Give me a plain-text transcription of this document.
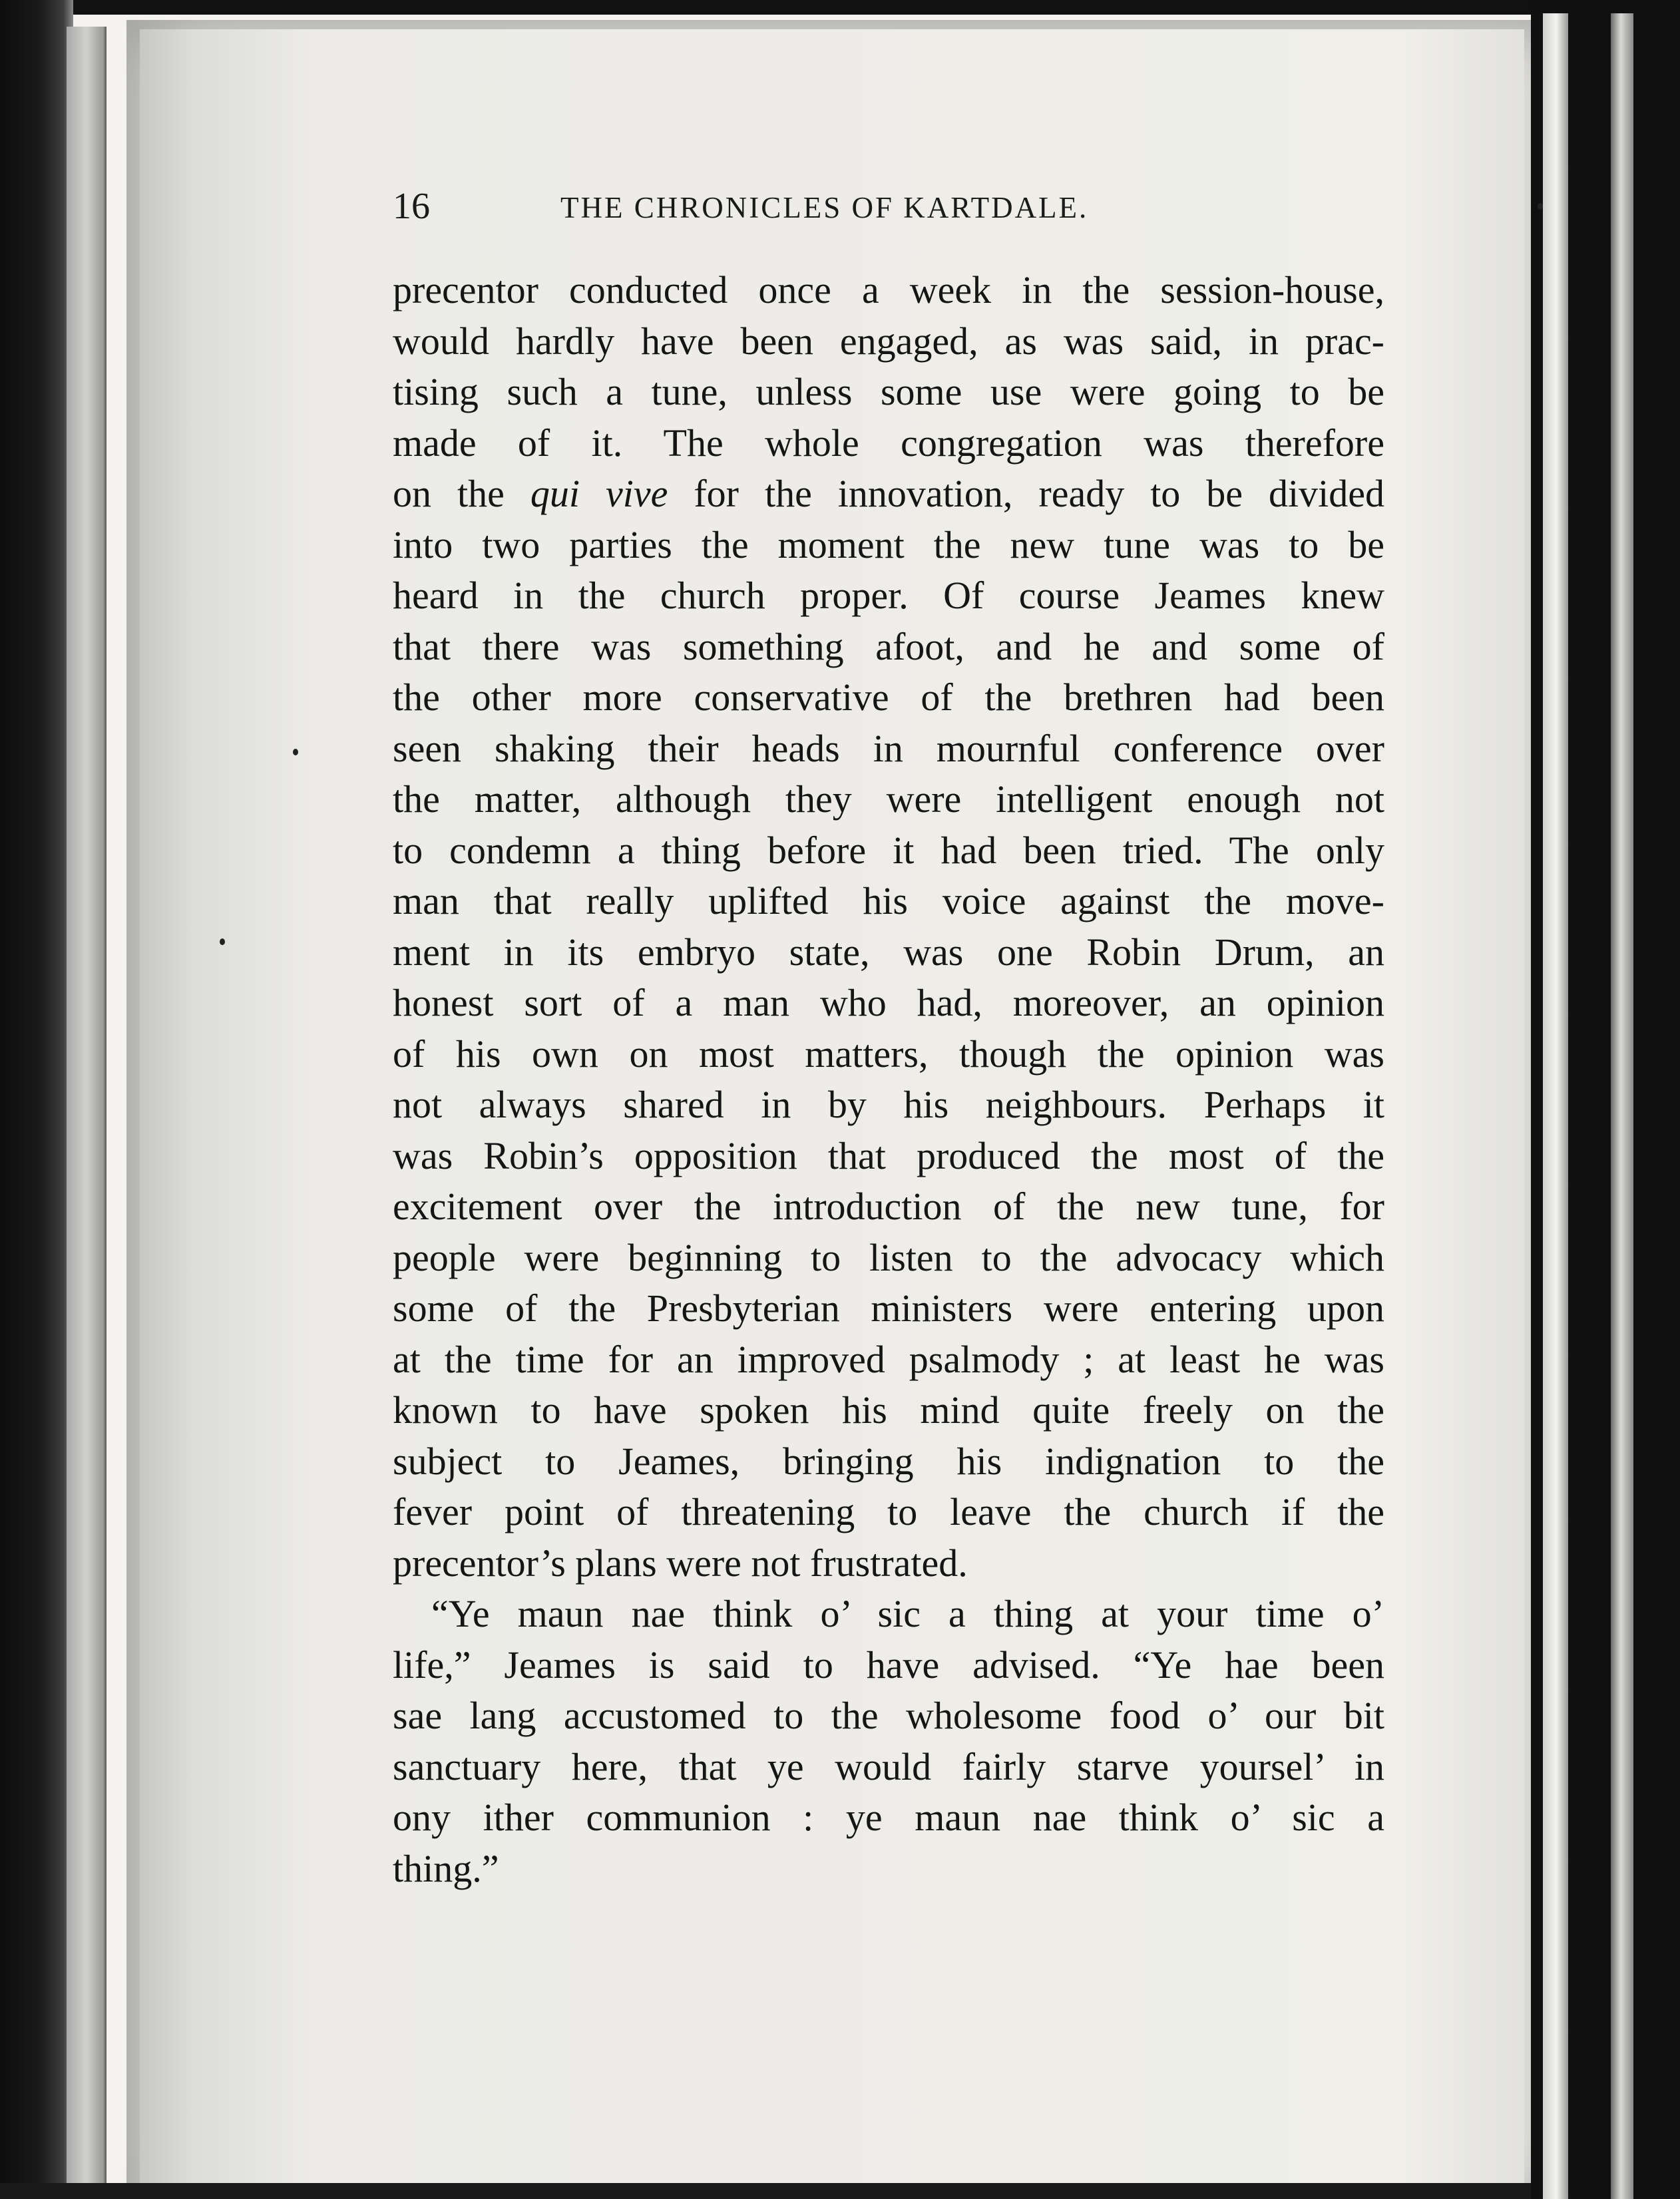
16	THE CHRONICLES OF KARTDALE.
precentor conducted once a week in the session-house,
would hardly have been engaged, as was said, in prac-
tising such a tune, unless some use were going to be
made of it. The whole congregation was therefore
on the qui vive for the innovation, ready to be divided
into two parties the moment the new tune was to be
heard in the church proper. Of course Jeames knew
that there was something afoot, and he and some of
the other more conservative of the brethren had been
seen shaking their heads in mournful conference over
the matter, although they were intelligent enough not
to condemn a thing before it had been tried. The only
man that really uplifted his voice against the move-
ment in its embryo state, was one Robin Drum, an
honest sort of a man who had, moreover, an opinion
of his own on most matters, though the opinion was
not always shared in by his neighbours. Perhaps it
was Robin’s opposition that produced the most of the
excitement over the introduction of the new tune, for
people were beginning to listen to the advocacy which
some of the Presbyterian ministers were entering upon
at the time for an improved psalmody ; at least he was
known to have spoken his mind quite freely on the
subject to Jeames, bringing his indignation to the
fever point of threatening to leave the church if the
precentor’s plans were not frustrated.
“Ye maun nae think o’ sic a thing at your time o’
life,” Jeames is said to have advised. “Ye hae been
sae lang accustomed to the wholesome food o’ our bit
sanctuary here, that ye would fairly starve yoursel’ in
ony ither communion : ye maun nae think o’ sic a
thing.”
